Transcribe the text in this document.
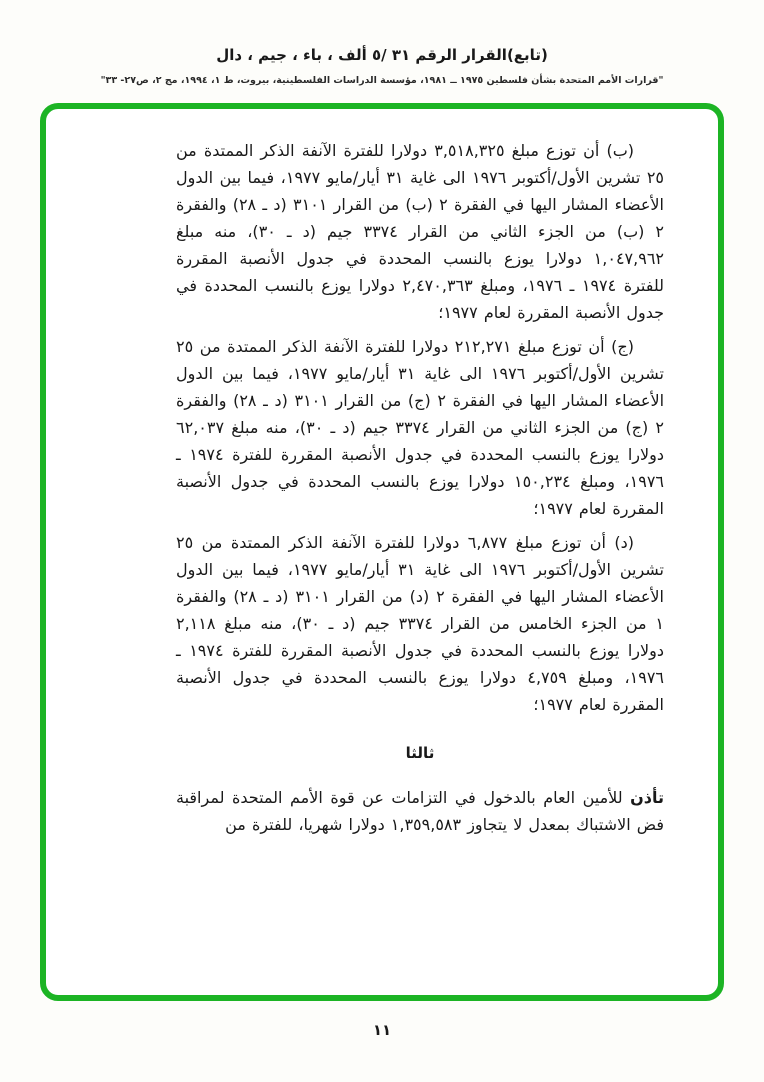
(تابع)القرار الرقم ٣١ /٥ ألف ، باء ، جيم ، دال
"قرارات الأمم المتحدة بشأن فلسطين ١٩٧٥ ــ ١٩٨١، مؤسسة الدراسات الفلسطينية، بيروت، ط ١، ١٩٩٤، مج ٢، ص٢٧- ٣٣"

(ب) أن توزع مبلغ ٣,٥١٨,٣٢٥ دولارا للفترة الآنفة الذكر الممتدة من ٢٥ تشرين الأول/أكتوبر ١٩٧٦ الى غاية ٣١ أيار/مايو ١٩٧٧، فيما بين الدول الأعضاء المشار اليها في الفقرة ٢ (ب) من القرار ٣١٠١ (د ـ ٢٨) والفقرة ٢ (ب) من الجزء الثاني من القرار ٣٣٧٤ جيم (د ـ ٣٠)، منه مبلغ ١,٠٤٧,٩٦٢ دولارا يوزع بالنسب المحددة في جدول الأنصبة المقررة للفترة ١٩٧٤ ـ ١٩٧٦، ومبلغ ٢,٤٧٠,٣٦٣ دولارا يوزع بالنسب المحددة في جدول الأنصبة المقررة لعام ١٩٧٧؛

(ج) أن توزع مبلغ ٢١٢,٢٧١ دولارا للفترة الآنفة الذكر الممتدة من ٢٥ تشرين الأول/أكتوبر ١٩٧٦ الى غاية ٣١ أيار/مايو ١٩٧٧، فيما بين الدول الأعضاء المشار اليها في الفقرة ٢ (ج) من القرار ٣١٠١ (د ـ ٢٨) والفقرة ٢ (ج) من الجزء الثاني من القرار ٣٣٧٤ جيم (د ـ ٣٠)، منه مبلغ ٦٢,٠٣٧ دولارا يوزع بالنسب المحددة في جدول الأنصبة المقررة للفترة ١٩٧٤ ـ ١٩٧٦، ومبلغ ١٥٠,٢٣٤ دولارا يوزع بالنسب المحددة في جدول الأنصبة المقررة لعام ١٩٧٧؛

(د) أن توزع مبلغ ٦,٨٧٧ دولارا للفترة الآنفة الذكر الممتدة من ٢٥ تشرين الأول/أكتوبر ١٩٧٦ الى غاية ٣١ أيار/مايو ١٩٧٧، فيما بين الدول الأعضاء المشار اليها في الفقرة ٢ (د) من القرار ٣١٠١ (د ـ ٢٨) والفقرة ١ من الجزء الخامس من القرار ٣٣٧٤ جيم (د ـ ٣٠)، منه مبلغ ٢,١١٨ دولارا يوزع بالنسب المحددة في جدول الأنصبة المقررة للفترة ١٩٧٤ ـ ١٩٧٦، ومبلغ ٤,٧٥٩ دولارا يوزع بالنسب المحددة في جدول الأنصبة المقررة لعام ١٩٧٧؛

ثالثا

تأذن للأمين العام بالدخول في التزامات عن قوة الأمم المتحدة لمراقبة فض الاشتباك بمعدل لا يتجاوز ١,٣٥٩,٥٨٣ دولارا شهريا، للفترة من

١١
